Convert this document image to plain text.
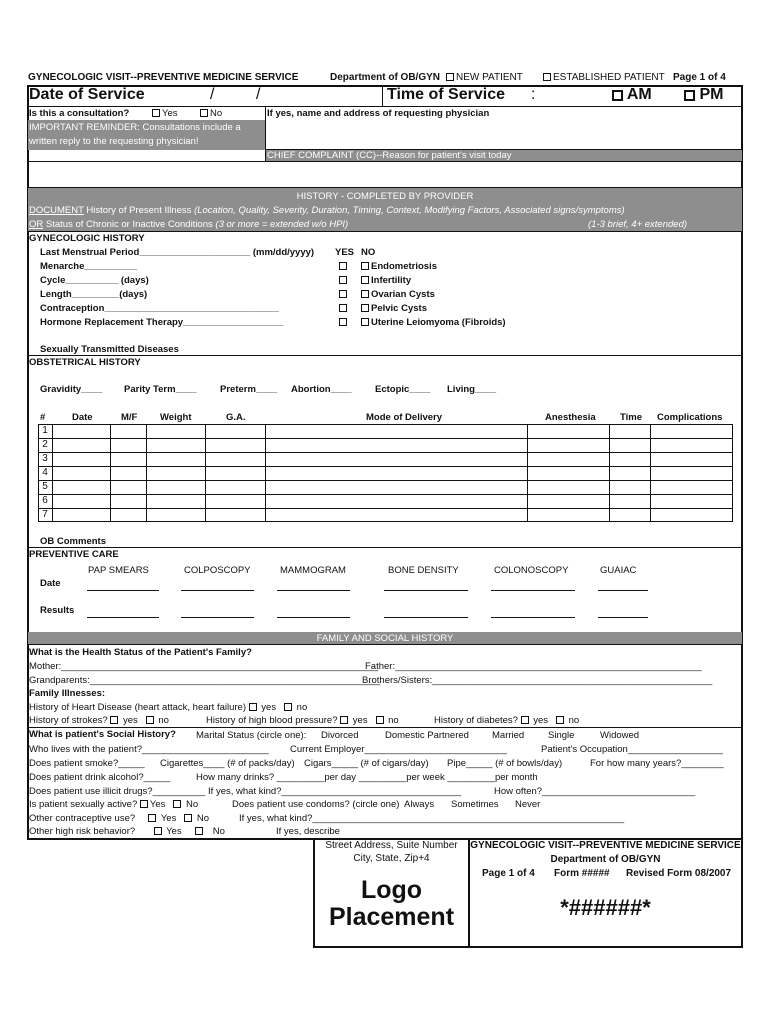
GYNECOLOGIC VISIT--PREVENTIVE MEDICINE SERVICE	Department of OB/GYN	NEW PATIENT	ESTABLISHED PATIENT Page 1 of 4
Date of Service	/	/	Time of Service :	AM	PM
Is this a consultation?	Yes	No	If yes, name and address of requesting physician
IMPORTANT REMINDER: Consultations include a
written reply to the requesting physician!
CHIEF COMPLAINT (CC)--Reason for patient's visit today
HISTORY - COMPLETED BY PROVIDER
DOCUMENT History of Present Illness (Location, Quality, Severity, Duration, Timing, Context, Modifying Factors, Associated signs/symptoms)
OR Status of Chronic or Inactive Conditions (3 or more = extended w/o HPI)	(1-3 brief, 4+ extended)
GYNECOLOGIC HISTORY
Last Menstrual Period_____________________ (mm/dd/yyyy)
Menarche__________
Cycle__________ (days)
Length_________(days)
Contraception_________________________________
Hormone Replacement Therapy___________________
Sexually Transmitted Diseases
YES NO
Endometriosis
Infertility
Ovarian Cysts
Pelvic Cysts
Uterine Leiomyoma (Fibroids)
OBSTETRICAL HISTORY
Gravidity____ Parity Term____ Preterm____ Abortion____ Ectopic____ Living____
#	Date	M/F Weight	G.A.	Mode of Delivery	Anesthesia	Time Complications
1
2
3
4
5
6
7
OB Comments
PREVENTIVE CARE
PAP SMEARS	COLPOSCOPY	MAMMOGRAM	BONE DENSITY	COLONOSCOPY	GUAIAC
Date
Results
FAMILY AND SOCIAL HISTORY
What is the Health Status of the Patient's Family?
Mother:____________________________________________________________
Father:__________________________________________________________
Grandparents:_______________________________________________________
Brothers/Sisters:_____________________________________________________
Family Illnesses:
History of Heart Disease (heart attack, heart failure) yes no
History of strokes? yes no	History of high blood pressure? yes no	History of diabetes? yes no
What is patient's Social History? Marital Status (circle one): Divorced	Domestic Partnered Married	Single	Widowed
Who lives with the patient?________________________ Current Employer___________________________	Patient's Occupation__________________
Does patient smoke?_____ Cigarettes____ (# of packs/day) Cigars_____ (# of cigars/day) Pipe_____ (# of bowls/day)	For how many years?________
Does patient drink alcohol?_____	How many drinks? _________per day _________per week _________per month
Does patient use illicit drugs?__________ If yes, what kind?__________________________________	How often?_____________________________
Is patient sexually active? Yes No	Does patient use condoms? (circle one) Always Sometimes Never
Other contraceptive use?	Yes No	If yes, what kind?___________________________________________________________
Other high risk behavior?	Yes	No	If yes, describe
Street Address, Suite Number
City, State, Zip+4
Logo
Placement
GYNECOLOGIC VISIT--PREVENTIVE MEDICINE SERVICE
Department of OB/GYN
Page 1 of 4 Form ##### Revised Form 08/2007
*######*
